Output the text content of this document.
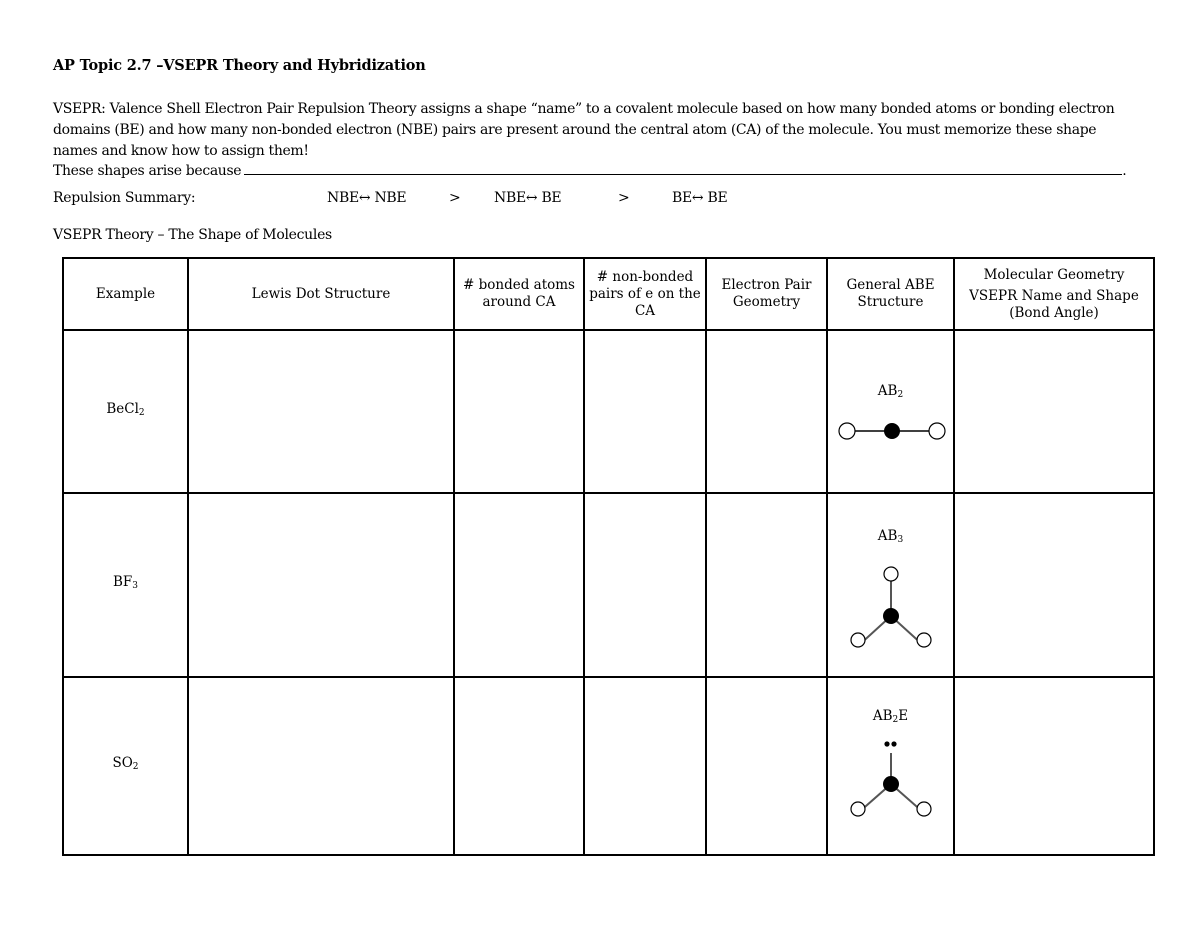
AP Topic 2.7 –VSEPR Theory and Hybridization
VSEPR: Valence Shell Electron Pair Repulsion Theory assigns a shape “name” to a covalent molecule based on how many bonded atoms or bonding electron domains (BE) and how many non-bonded electron (NBE) pairs are present around the central atom (CA) of the molecule. You must memorize these shape names and know how to assign them!
These shapes arise because	.
Repulsion Summary:	NBE↔ NBE	> NBE↔ BE	>	BE↔ BE
VSEPR Theory – The Shape of Molecules
Example	Lewis Dot Structure	# bonded atoms around CA	# non-bonded pairs of e on the CA	Electron Pair Geometry	General ABE Structure	Molecular Geometry
VSEPR Name and Shape (Bond Angle)

BeCl$_2$					$AB_2$

$BF_3$					$AB_3$

$SO_2$					$AB_2E$	
